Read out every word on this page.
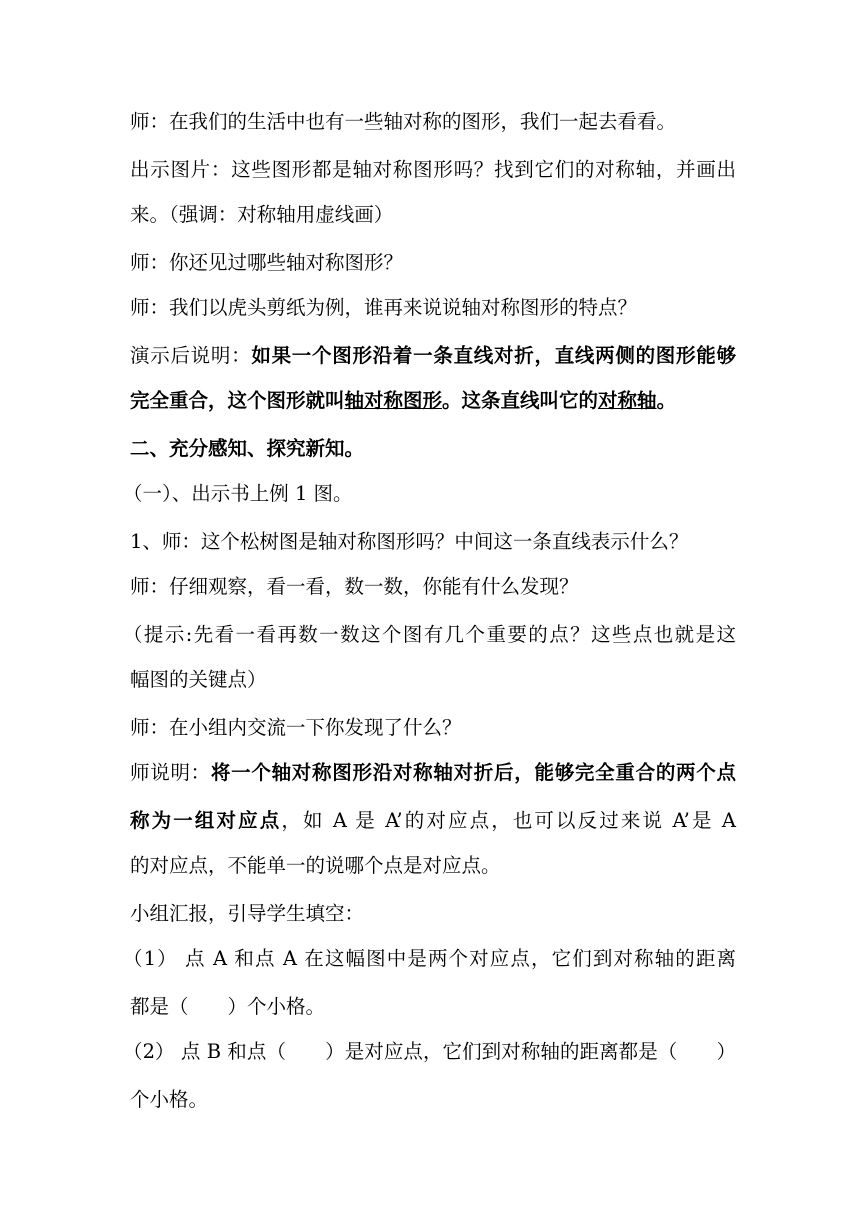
师：在我们的生活中也有一些轴对称的图形，我们一起去看看。

出示图片：这些图形都是轴对称图形吗？找到它们的对称轴，并画出

来。（强调：对称轴用虚线画）

师：你还见过哪些轴对称图形？

师：我们以虎头剪纸为例，谁再来说说轴对称图形的特点？

演示后说明：如果一个图形沿着一条直线对折，直线两侧的图形能够

完全重合，这个图形就叫轴对称图形。这条直线叫它的对称轴。

二、充分感知、探究新知。

（一）、出示书上例 1 图。

1、师：这个松树图是轴对称图形吗？中间这一条直线表示什么？

师：仔细观察，看一看，数一数，你能有什么发现？

（提示:先看一看再数一数这个图有几个重要的点？这些点也就是这

幅图的关键点）

师：在小组内交流一下你发现了什么？

师说明：将一个轴对称图形沿对称轴对折后，能够完全重合的两个点

称为一组对应点，如 A 是 A’的对应点，也可以反过来说 A’是 A

的对应点，不能单一的说哪个点是对应点。

小组汇报，引导学生填空：

（1） 点 A 和点 A 在这幅图中是两个对应点，它们到对称轴的距离

都是（　　）个小格。

（2） 点 B 和点（　　）是对应点，它们到对称轴的距离都是（　　）

个小格。
